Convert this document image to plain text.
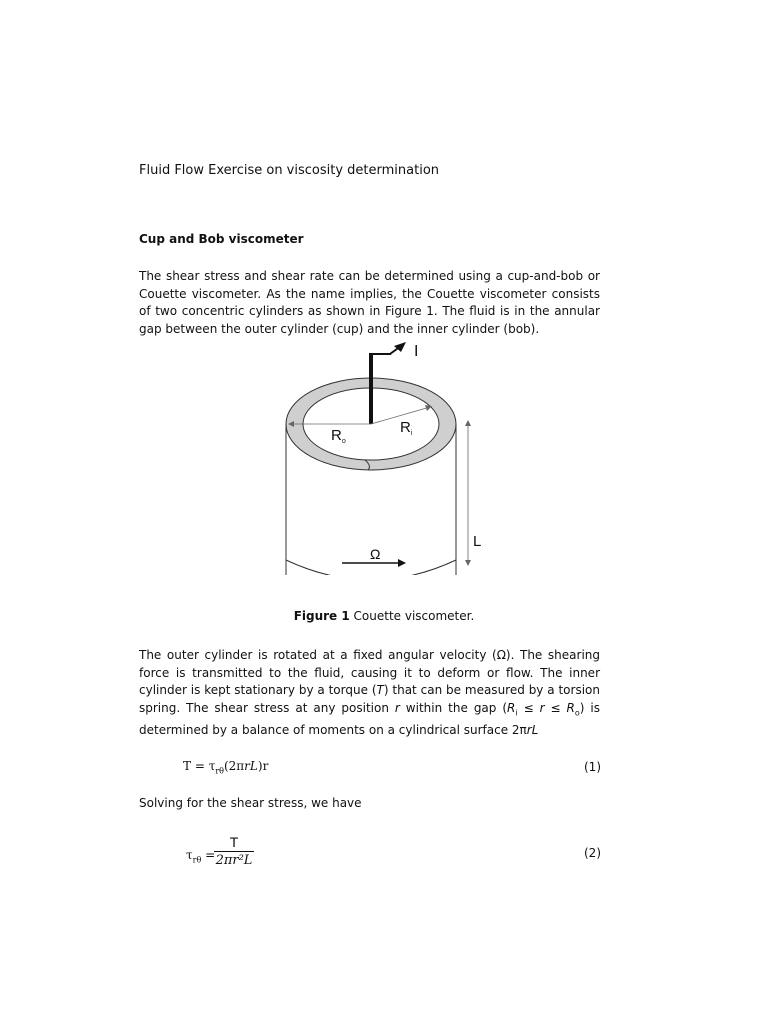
Fluid Flow Exercise on viscosity determination
Cup and Bob viscometer

The shear stress and shear rate can be determined using a cup-and-bob or Couette viscometer. As the name implies, the Couette viscometer consists of two concentric cylinders as shown in Figure 1. The fluid is in the annular gap between the outer cylinder (cup) and the inner cylinder (bob).

I
$R_o$
$R_i$
L
Ω
Figure 1 Couette viscometer.

The outer cylinder is rotated at a fixed angular velocity (Ω). The shearing force is transmitted to the fluid, causing it to deform or flow. The inner cylinder is kept stationary by a torque (T) that can be measured by a torsion spring. The shear stress at any position r within the gap $(R_i \le r \le R_o)$ is determined by a balance of moments on a cylindrical surface 2πrL

$T = \tau_{r\theta}(2\pi rL)r$	(1)
Solving for the shear stress, we have
$\tau_{r\theta}$ =
$\frac{T}{\text{2πr²L}}$	(2)
